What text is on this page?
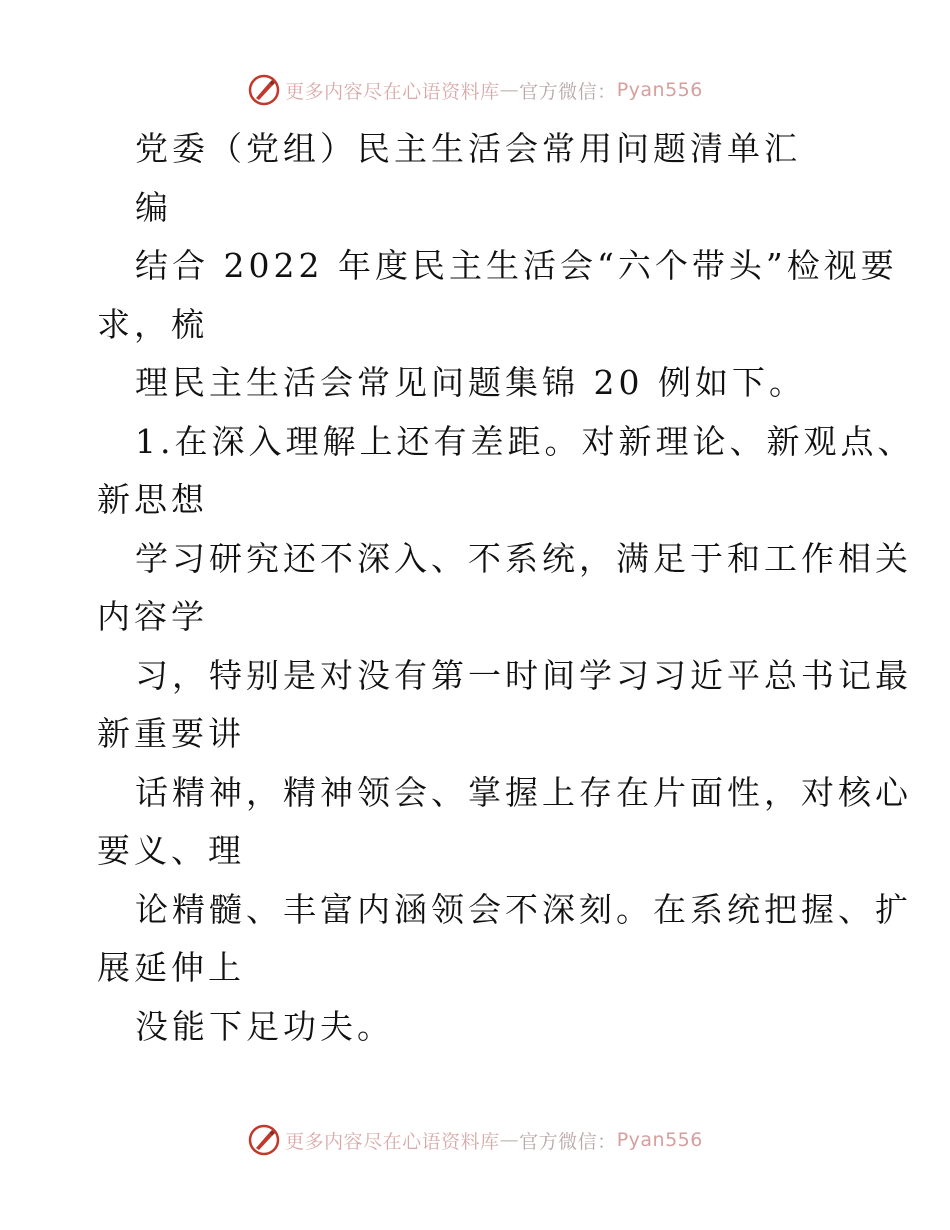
更多内容尽在心语资料库 — 官方微信： Pyan556
党委（党组）民主生活会常用问题清单汇
编
结合 2022 年度民主生活会“六个带头”检视要
求，梳
理民主生活会常见问题集锦 20 例如下。
1.在深入理解上还有差距。对新理论、新观点、
新思想
学习研究还不深入、不系统，满足于和工作相关
内容学
习，特别是对没有第一时间学习习近平总书记最
新重要讲
话精神，精神领会、掌握上存在片面性，对核心
要义、理
论精髓、丰富内涵领会不深刻。在系统把握、扩
展延伸上
没能下足功夫。
更多内容尽在心语资料库 — 官方微信： Pyan556
